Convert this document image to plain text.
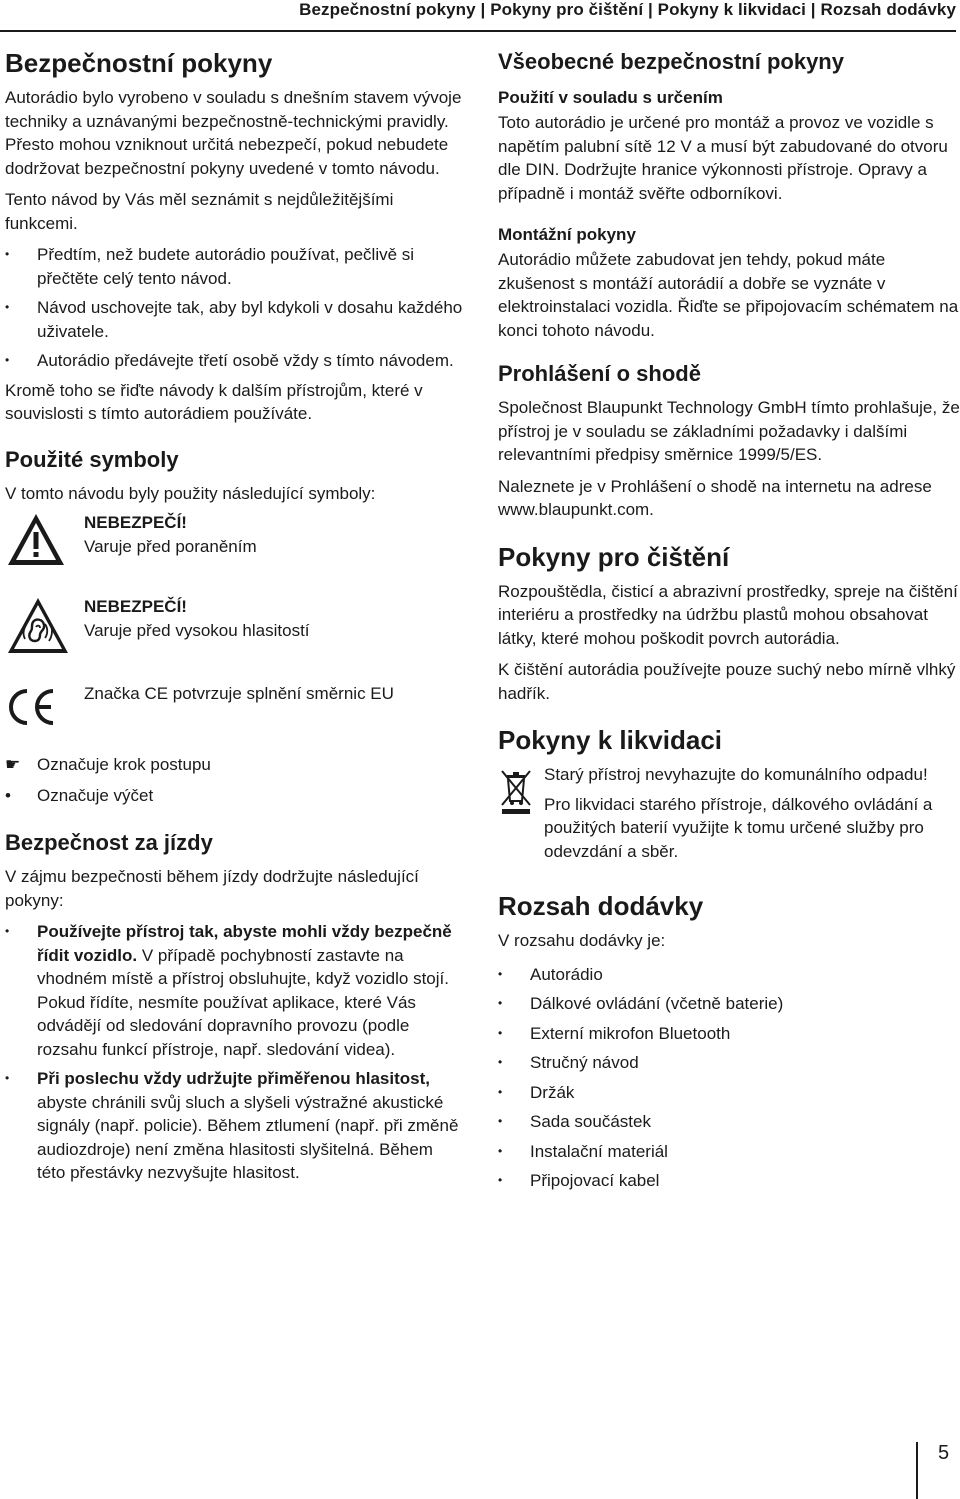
Bezpečnostní pokyny | Pokyny pro čištění | Pokyny k likvidaci | Rozsah dodávky
Bezpečnostní pokyny

Autorádio bylo vyrobeno v souladu s dnešním stavem vývoje techniky a uznávanými bezpečnostně-technickými pravidly. Přesto mohou vzniknout určitá nebezpečí, pokud nebudete dodržovat bezpečnostní pokyny uvedené v tomto návodu.

Tento návod by Vás měl seznámit s nejdůležitějšími funkcemi.

• Předtím, než budete autorádio používat, pečlivě si přečtěte celý tento návod.
• Návod uschovejte tak, aby byl kdykoli v dosahu každého uživatele.
• Autorádio předávejte třetí osobě vždy s tímto návodem.

Kromě toho se řiďte návody k dalším přístrojům, které v souvislosti s tímto autorádiem používáte.

Použité symboly

V tomto návodu byly použity následující symboly:

NEBEZPEČÍ!
Varuje před poraněním
NEBEZPEČÍ!
Varuje před vysokou hlasitostí
Značka CE potvrzuje splnění směrnic EU
☛ Označuje krok postupu
• Označuje výčet
Bezpečnost za jízdy

V zájmu bezpečnosti během jízdy dodržujte následující pokyny:

• Používejte přístroj tak, abyste mohli vždy bezpečně řídit vozidlo. V případě pochybností zastavte na vhodném místě a přístroj obsluhujte, když vozidlo stojí. Pokud řídíte, nesmíte používat aplikace, které Vás odvádějí od sledování dopravního provozu (podle rozsahu funkcí přístroje, např. sledování videa).
• Při poslechu vždy udržujte přiměřenou hlasitost, abyste chránili svůj sluch a slyšeli výstražné akustické signály (např. policie). Během ztlumení (např. při změně audiozdroje) není změna hlasitosti slyšitelná. Během této přestávky nezvyšujte hlasitost.
Všeobecné bezpečnostní pokyny
Použití v souladu s určením

Toto autorádio je určené pro montáž a provoz ve vozidle s napětím palubní sítě 12 V a musí být zabudované do otvoru dle DIN. Dodržujte hranice výkonnosti přístroje. Opravy a případně i montáž svěřte odborníkovi.

Montážní pokyny

Autorádio můžete zabudovat jen tehdy, pokud máte zkušenost s montáží autorádií a dobře se vyznáte v elektroinstalaci vozidla. Řiďte se připojovacím schématem na konci tohoto návodu.

Prohlášení o shodě

Společnost Blaupunkt Technology GmbH tímto prohlašuje, že přístroj je v souladu se základními požadavky i dalšími relevantními předpisy směrnice 1999/5/ES.

Naleznete je v Prohlášení o shodě na internetu na adrese www.blaupunkt.com.

Pokyny pro čištění

Rozpouštědla, čisticí a abrazivní prostředky, spreje na čištění interiéru a prostředky na údržbu plastů mohou obsahovat látky, které mohou poškodit povrch autorádia.

K čištění autorádia používejte pouze suchý nebo mírně vlhký hadřík.

Pokyny k likvidaci

Starý přístroj nevyhazujte do komunálního odpadu!

Pro likvidaci starého přístroje, dálkového ovládání a použitých baterií využijte k tomu určené služby pro odevzdání a sběr.

Rozsah dodávky

V rozsahu dodávky je:

• Autorádio
• Dálkové ovládání (včetně baterie)
• Externí mikrofon Bluetooth
• Stručný návod
• Držák
• Sada součástek
• Instalační materiál
• Připojovací kabel
5
